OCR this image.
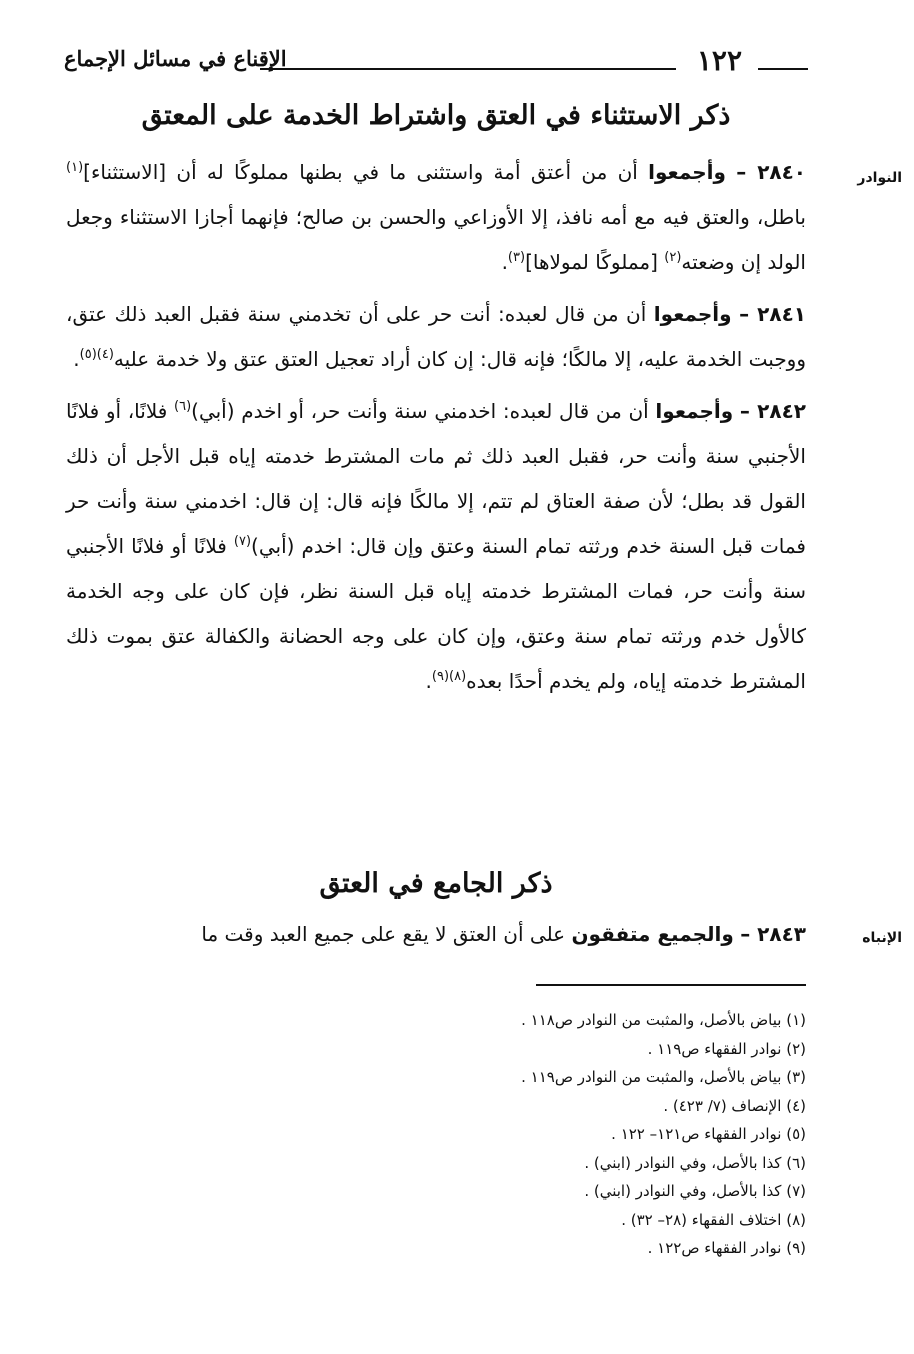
١٢٢
الإقناع في مسائل الإجماع
ذكر الاستثناء في العتق واشتراط الخدمة على المعتق
النوادر

٢٨٤٠ – وأجمعوا أن من أعتق أمة واستثنى ما في بطنها مملوكًا له أن [الاستثناء]$^{(١)}$ باطل، والعتق فيه مع أمه نافذ، إلا الأوزاعي والحسن بن صالح؛ فإنهما أجازا الاستثناء وجعل الولد إن وضعته$^{(٢)}$ [مملوكًا لمولاها]$^{(٣)}$.

٢٨٤١ – وأجمعوا أن من قال لعبده: أنت حر على أن تخدمني سنة فقبل العبد ذلك عتق، ووجبت الخدمة عليه، إلا مالكًا؛ فإنه قال: إن كان أراد تعجيل العتق عتق ولا خدمة عليه$^{(٤)(٥)}$.

٢٨٤٢ – وأجمعوا أن من قال لعبده: اخدمني سنة وأنت حر، أو اخدم (أبي)$^{(٦)}$ فلانًا، أو فلانًا الأجنبي سنة وأنت حر، فقبل العبد ذلك ثم مات المشترط خدمته إياه قبل الأجل أن ذلك القول قد بطل؛ لأن صفة العتاق لم تتم، إلا مالكًا فإنه قال: إن قال: اخدمني سنة وأنت حر فمات قبل السنة خدم ورثته تمام السنة وعتق وإن قال: اخدم (أبي)$^{(٧)}$ فلانًا أو فلانًا الأجنبي سنة وأنت حر، فمات المشترط خدمته إياه قبل السنة نظر، فإن كان على وجه الخدمة كالأول خدم ورثته تمام سنة وعتق، وإن كان على وجه الحضانة والكفالة عتق بموت ذلك المشترط خدمته إياه، ولم يخدم أحدًا بعده$^{(٨)(٩)}$.

ذكر الجامع في العتق
الإنباه
٢٨٤٣ – والجميع متفقون على أن العتق لا يقع على جميع العبد وقت ما
(١) بياض بالأصل، والمثبت من النوادر ص١١٨ .
(٢) نوادر الفقهاء ص١١٩ .
(٣) بياض بالأصل، والمثبت من النوادر ص١١٩ .
(٤) الإنصاف (٧/ ٤٢٣) .
(٥) نوادر الفقهاء ص١٢١– ١٢٢ .
(٦) كذا بالأصل، وفي النوادر (ابني) .
(٧) كذا بالأصل، وفي النوادر (ابني) .
(٨) اختلاف الفقهاء (٢٨– ٣٢) .
(٩) نوادر الفقهاء ص١٢٢ .
